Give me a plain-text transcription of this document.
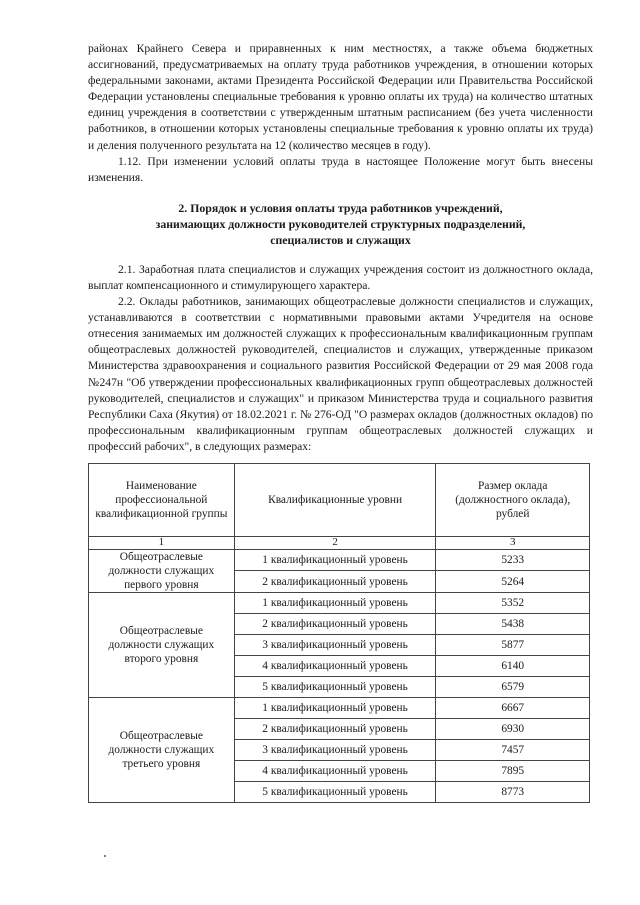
районах Крайнего Севера и приравненных к ним местностях, а также объема бюджетных ассигнований, предусматриваемых на оплату труда работников учреждения, в отношении которых федеральными законами, актами Президента Российской Федерации или Правительства Российской Федерации установлены специальные требования к уровню оплаты их труда) на количество штатных единиц учреждения в соответствии с утвержденным штатным расписанием (без учета численности работников, в отношении которых установлены специальные требования к уровню оплаты их труда) и деления полученного результата на 12 (количество месяцев в году).

1.12. При изменении условий оплаты труда в настоящее Положение могут быть внесены изменения.

2. Порядок и условия оплаты труда работников учреждений,
занимающих должности руководителей структурных подразделений,
специалистов и служащих

2.1. Заработная плата специалистов и служащих учреждения состоит из должностного оклада, выплат компенсационного и стимулирующего характера.

2.2. Оклады работников, занимающих общеотраслевые должности специалистов и служащих, устанавливаются в соответствии с нормативными правовыми актами Учредителя на основе отнесения занимаемых им должностей служащих к профессиональным квалификационным группам общеотраслевых должностей руководителей, специалистов и служащих, утвержденные приказом Министерства здравоохранения и социального развития Российской Федерации от 29 мая 2008 года №247н "Об утверждении профессиональных квалификационных групп общеотраслевых должностей руководителей, специалистов и служащих" и приказом Министерства труда и социального развития Республики Саха (Якутия) от 18.02.2021 г. № 276-ОД "О размерах окладов (должностных окладов) по профессиональным квалификационным группам общеотраслевых должностей служащих и профессий рабочих", в следующих размерах:

Наименование профессиональной квалификационной группы	Квалификационные уровни	Размер оклада (должностного оклада), рублей
1	2	3
Общеотраслевые должности служащих первого уровня	1 квалификационный уровень	5233
	2 квалификационный уровень	5264
Общеотраслевые должности служащих второго уровня	1 квалификационный уровень	5352
	2 квалификационный уровень	5438
	3 квалификационный уровень	5877
	4 квалификационный уровень	6140
	5 квалификационный уровень	6579
Общеотраслевые должности служащих третьего уровня	1 квалификационный уровень	6667
	2 квалификационный уровень	6930
	3 квалификационный уровень	7457
	4 квалификационный уровень	7895
	5 квалификационный уровень	8773
